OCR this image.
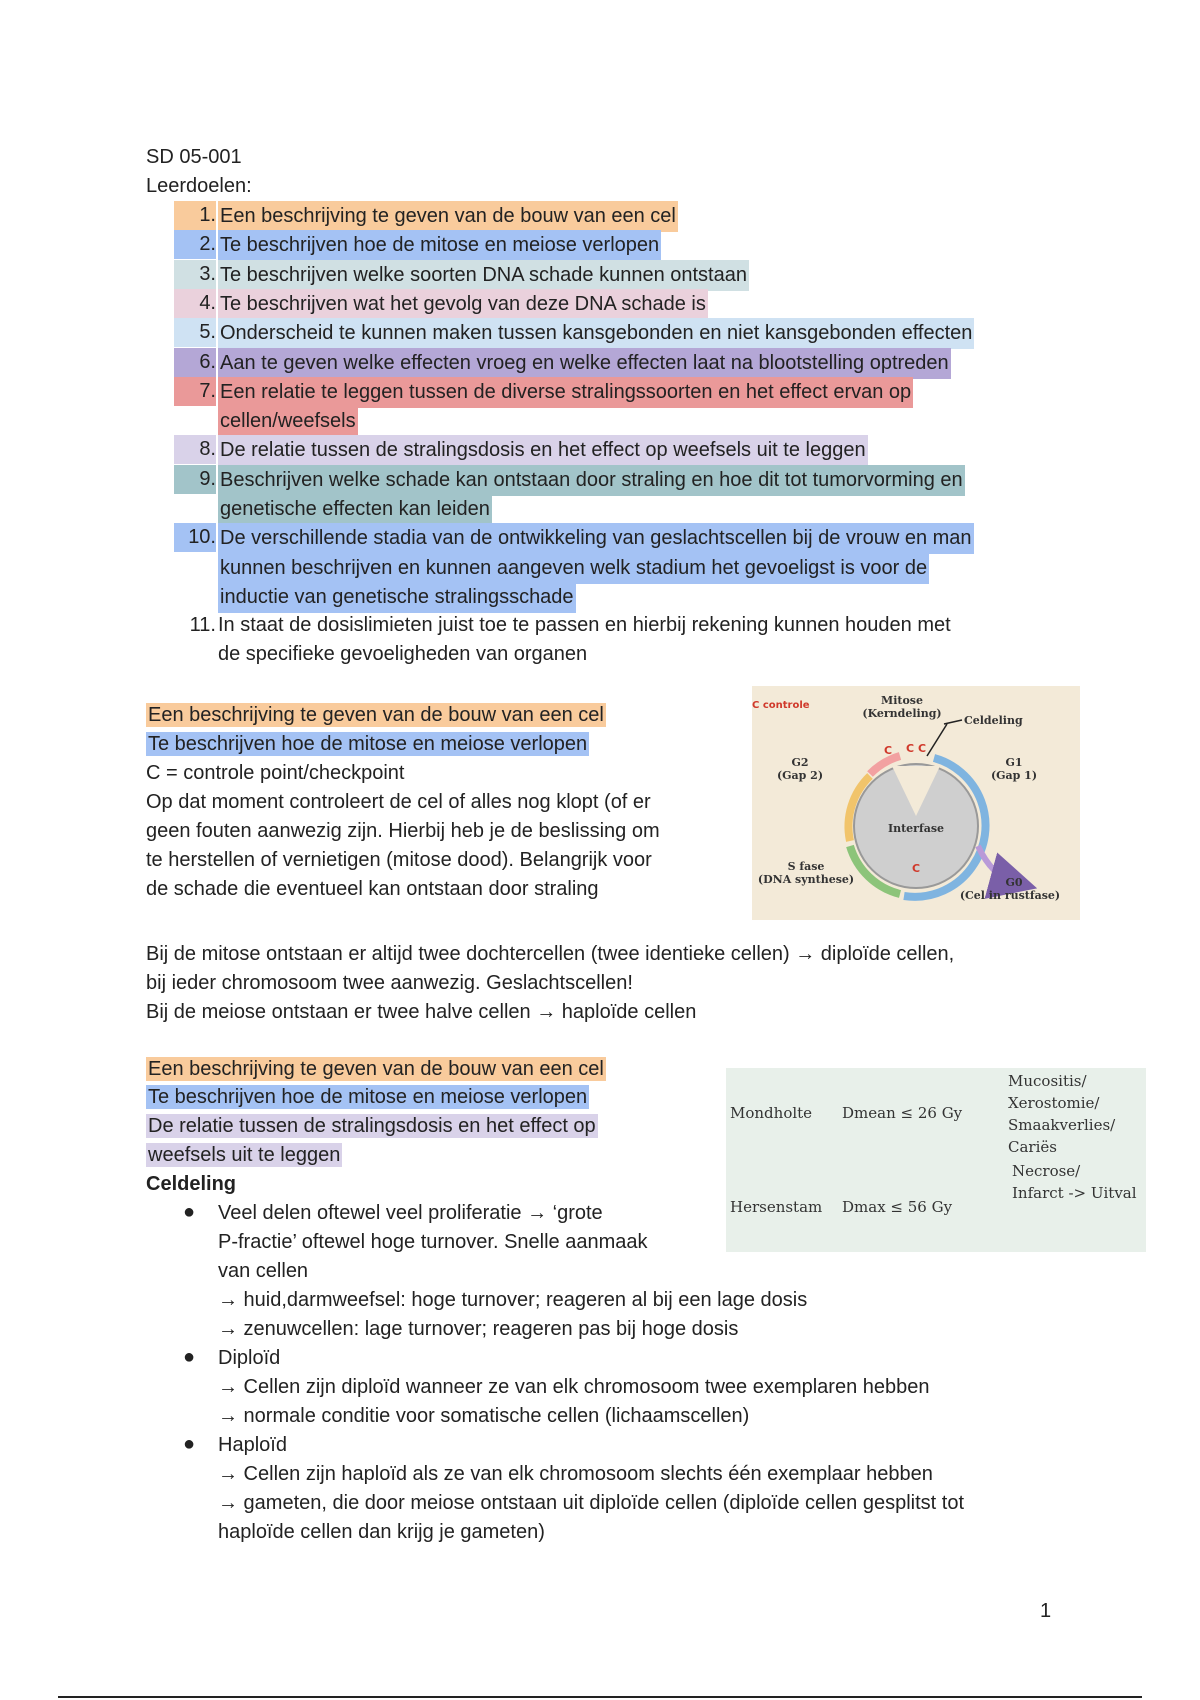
SD 05-001
Leerdoelen:
1. Een beschrijving te geven van de bouw van een cel
2. Te beschrijven hoe de mitose en meiose verlopen
3. Te beschrijven welke soorten DNA schade kunnen ontstaan
4. Te beschrijven wat het gevolg van deze DNA schade is
5. Onderscheid te kunnen maken tussen kansgebonden en niet kansgebonden effecten
6. Aan te geven welke effecten vroeg en welke effecten laat na blootstelling optreden
7. Een relatie te leggen tussen de diverse stralingssoorten en het effect ervan op
cellen/weefsels
8. De relatie tussen de stralingsdosis en het effect op weefsels uit te leggen
9. Beschrijven welke schade kan ontstaan door straling en hoe dit tot tumorvorming en
genetische effecten kan leiden
10. De verschillende stadia van de ontwikkeling van geslachtscellen bij de vrouw en man
kunnen beschrijven en kunnen aangeven welk stadium het gevoeligst is voor de
inductie van genetische stralingsschade
11. In staat de dosislimieten juist toe te passen en hierbij rekening kunnen houden met
de specifieke gevoeligheden van organen
Een beschrijving te geven van de bouw van een cel
Te beschrijven hoe de mitose en meiose verlopen
C = controle point/checkpoint
Op dat moment controleert de cel of alles nog klopt (of er
geen fouten aanwezig zijn. Hierbij heb je de beslissing om
te herstellen of vernietigen (mitose dood). Belangrijk voor
de schade die eventueel kan ontstaan door straling
C controle	Mitose
(Kerndeling)
Celdeling
G2
(Gap 2)
G1
(Gap 1)
Interfase
S fase
(DNA synthese)	G0
(Cel in rustfase)
C C C
C
Bij de mitose ontstaan er altijd twee dochtercellen (twee identieke cellen) → diploïde cellen,
bij ieder chromosoom twee aanwezig. Geslachtscellen!
Bij de meiose ontstaan er twee halve cellen → haploïde cellen
Een beschrijving te geven van de bouw van een cel
Te beschrijven hoe de mitose en meiose verlopen
De relatie tussen de stralingsdosis en het effect op
weefsels uit te leggen
Celdeling
Mondholte Dmean ≤ 26 Gy
Mucositis/
Xerostomie/
Smaakverlies/
Cariës
Hersenstam Dmax ≤ 56 Gy
Necrose/
Infarct -> Uitval
● Veel delen oftewel veel proliferatie → ‘grote
P-fractie’ oftewel hoge turnover. Snelle aanmaak
van cellen
→ huid,darmweefsel: hoge turnover; reageren al bij een lage dosis
→ zenuwcellen: lage turnover; reageren pas bij hoge dosis
● Diploïd
→ Cellen zijn diploïd wanneer ze van elk chromosoom twee exemplaren hebben
→ normale conditie voor somatische cellen (lichaamscellen)
● Haploïd
→ Cellen zijn haploïd als ze van elk chromosoom slechts één exemplaar hebben
→ gameten, die door meiose ontstaan uit diploïde cellen (diploïde cellen gesplitst tot
haploïde cellen dan krijg je gameten)
1
